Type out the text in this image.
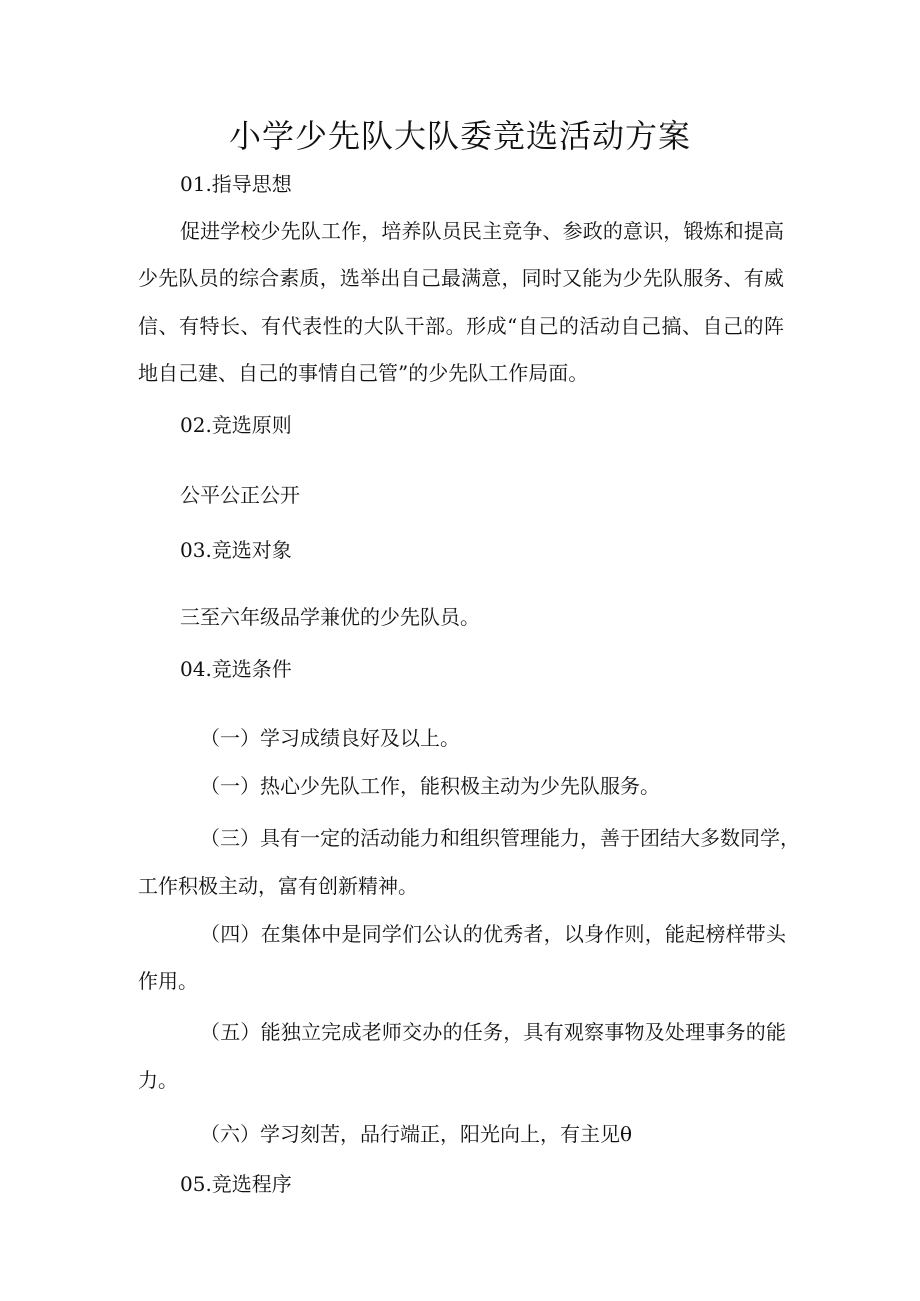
小学少先队大队委竞选活动方案

01.指导思想

促进学校少先队工作，培养队员民主竞争、参政的意识，锻炼和提高

少先队员的综合素质，选举出自己最满意，同时又能为少先队服务、有威

信、有特长、有代表性的大队干部。形成“自己的活动自己搞、自己的阵

地自己建、自己的事情自己管”的少先队工作局面。

02.竞选原则

公平公正公开

03.竞选对象

三至六年级品学兼优的少先队员。

04.竞选条件

（一）学习成绩良好及以上。

（一）热心少先队工作，能积极主动为少先队服务。

（三）具有一定的活动能力和组织管理能力，善于团结大多数同学，

工作积极主动，富有创新精神。

（四）在集体中是同学们公认的优秀者，以身作则，能起榜样带头

作用。

（五）能独立完成老师交办的任务，具有观察事物及处理事务的能

力。

（六）学习刻苦，品行端正，阳光向上，有主见θ

05.竞选程序
